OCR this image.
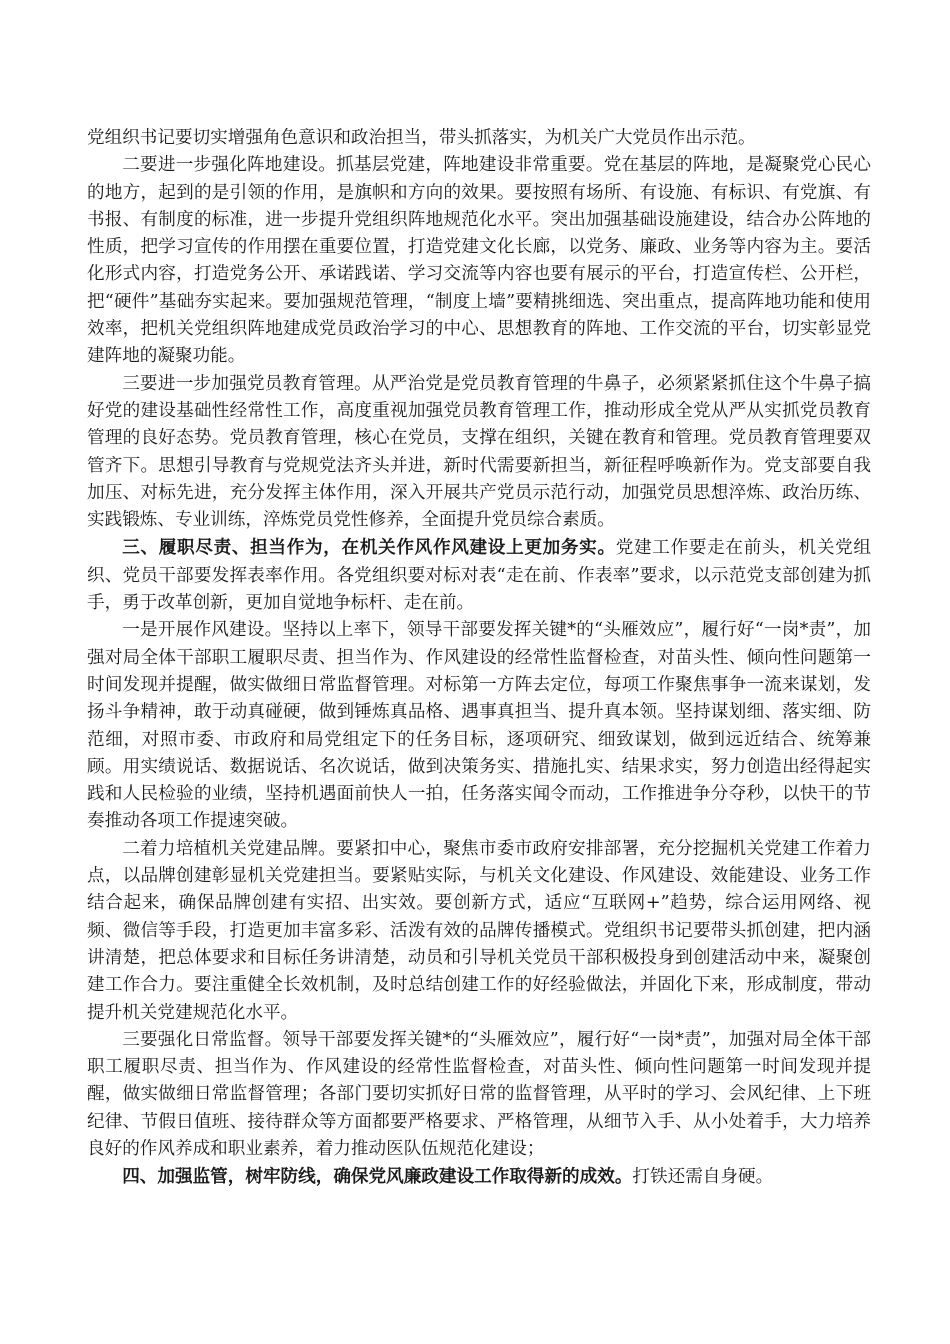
党组织书记要切实增强角色意识和政治担当，带头抓落实，为机关广大党员作出示范。

二要进一步强化阵地建设。抓基层党建，阵地建设非常重要。党在基层的阵地，是凝聚党心民心的地方，起到的是引领的作用，是旗帜和方向的效果。要按照有场所、有设施、有标识、有党旗、有书报、有制度的标准，进一步提升党组织阵地规范化水平。突出加强基础设施建设，结合办公阵地的性质，把学习宣传的作用摆在重要位置，打造党建文化长廊，以党务、廉政、业务等内容为主。要活化形式内容，打造党务公开、承诺践诺、学习交流等内容也要有展示的平台，打造宣传栏、公开栏，把“硬件”基础夯实起来。要加强规范管理，“制度上墙”要精挑细选、突出重点，提高阵地功能和使用效率，把机关党组织阵地建成党员政治学习的中心、思想教育的阵地、工作交流的平台，切实彰显党建阵地的凝聚功能。

三要进一步加强党员教育管理。从严治党是党员教育管理的牛鼻子，必须紧紧抓住这个牛鼻子搞好党的建设基础性经常性工作，高度重视加强党员教育管理工作，推动形成全党从严从实抓党员教育管理的良好态势。党员教育管理，核心在党员，支撑在组织，关键在教育和管理。党员教育管理要双管齐下。思想引导教育与党规党法齐头并进，新时代需要新担当，新征程呼唤新作为。党支部要自我加压、对标先进，充分发挥主体作用，深入开展共产党员示范行动，加强党员思想淬炼、政治历练、实践锻炼、专业训练，淬炼党员党性修养，全面提升党员综合素质。

三、履职尽责、担当作为，在机关作风作风建设上更加务实。党建工作要走在前头，机关党组织、党员干部要发挥表率作用。各党组织要对标对表“走在前、作表率”要求，以示范党支部创建为抓手，勇于改革创新，更加自觉地争标杆、走在前。

一是开展作风建设。坚持以上率下，领导干部要发挥关键*的“头雁效应”，履行好“一岗*责”，加强对局全体干部职工履职尽责、担当作为、作风建设的经常性监督检查，对苗头性、倾向性问题第一时间发现并提醒，做实做细日常监督管理。对标第一方阵去定位，每项工作聚焦事争一流来谋划，发扬斗争精神，敢于动真碰硬，做到锤炼真品格、遇事真担当、提升真本领。坚持谋划细、落实细、防范细，对照市委、市政府和局党组定下的任务目标，逐项研究、细致谋划，做到远近结合、统筹兼顾。用实绩说话、数据说话、名次说话，做到决策务实、措施扎实、结果求实，努力创造出经得起实践和人民检验的业绩，坚持机遇面前快人一拍，任务落实闻令而动，工作推进争分夺秒，以快干的节奏推动各项工作提速突破。

二着力培植机关党建品牌。要紧扣中心，聚焦市委市政府安排部署，充分挖掘机关党建工作着力点，以品牌创建彰显机关党建担当。要紧贴实际，与机关文化建设、作风建设、效能建设、业务工作结合起来，确保品牌创建有实招、出实效。要创新方式，适应“互联网+”趋势，综合运用网络、视频、微信等手段，打造更加丰富多彩、活泼有效的品牌传播模式。党组织书记要带头抓创建，把内涵讲清楚，把总体要求和目标任务讲清楚，动员和引导机关党员干部积极投身到创建活动中来，凝聚创建工作合力。要注重健全长效机制，及时总结创建工作的好经验做法，并固化下来，形成制度，带动提升机关党建规范化水平。

三要强化日常监督。领导干部要发挥关键*的“头雁效应”，履行好“一岗*责”，加强对局全体干部职工履职尽责、担当作为、作风建设的经常性监督检查，对苗头性、倾向性问题第一时间发现并提醒，做实做细日常监督管理；各部门要切实抓好日常的监督管理，从平时的学习、会风纪律、上下班纪律、节假日值班、接待群众等方面都要严格要求、严格管理，从细节入手、从小处着手，大力培养良好的作风养成和职业素养，着力推动医队伍规范化建设；

四、加强监管，树牢防线，确保党风廉政建设工作取得新的成效。打铁还需自身硬。
